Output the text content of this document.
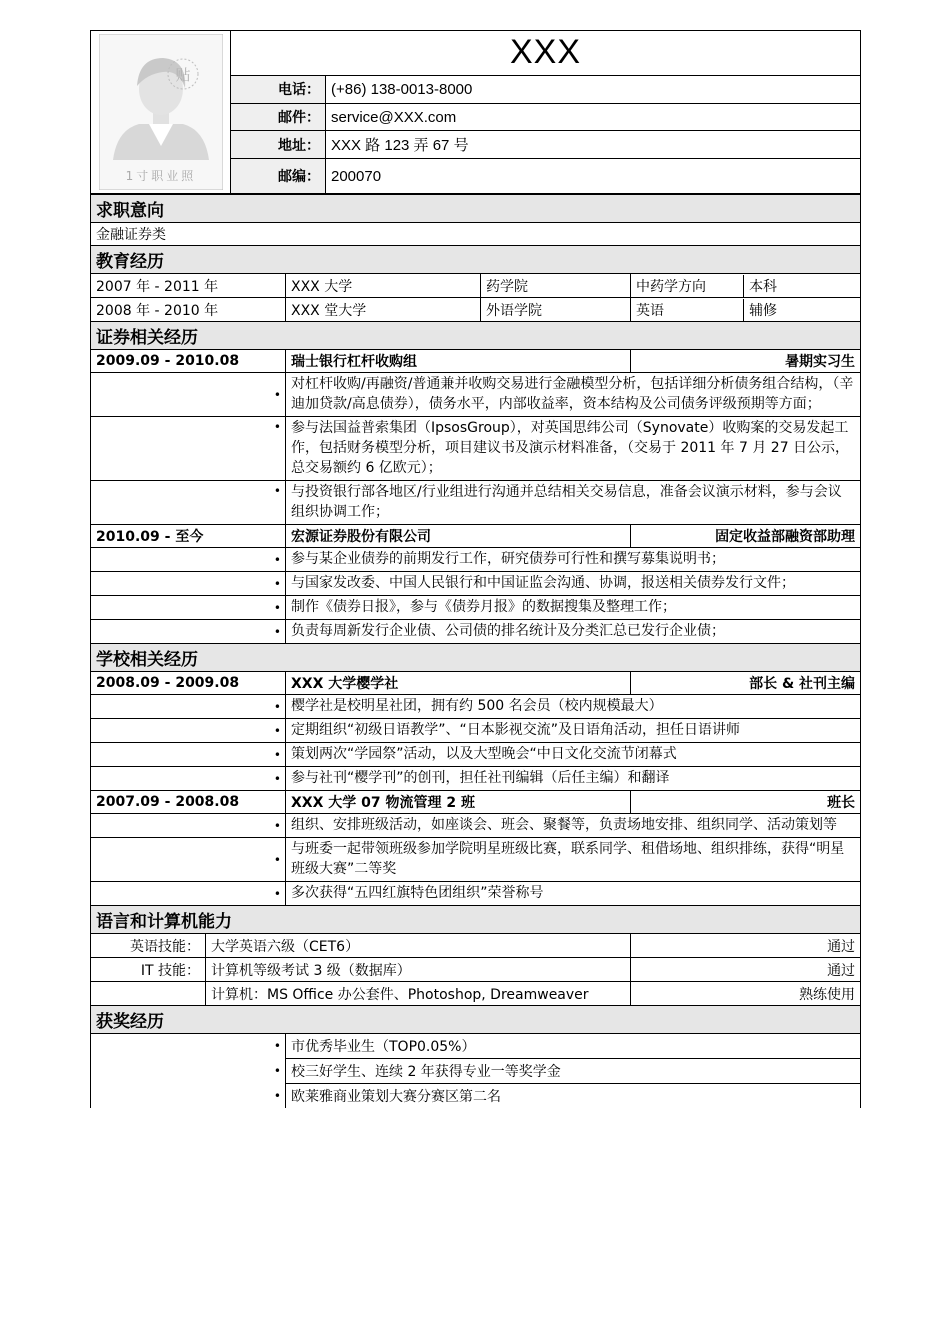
贴
1寸职业照	XXX	
	电话：	(+86) 138-0013-8000
	邮件：	service@XXX.com
	地址：	XXX 路 123 弄 67 号
	邮编：	200070
求职意向
金融证券类
教育经历
2007 年 - 2011 年	XXX 大学	药学院		中药学方向	本科

2008 年 - 2010 年	XXX 堂大学	外语学院		英语	辅修

证券相关经历
2009.09 - 2010.08	瑞士银行杠杆收购组	暑期实习生
•	对杠杆收购/再融资/普通兼并收购交易进行金融模型分析，包括详细分析债务组合结构，（辛迪加贷款/高息债券），债务水平，内部收益率，资本结构及公司债务评级预期等方面；
•	参与法国益普索集团（IpsosGroup），对英国思纬公司（Synovate）收购案的交易发起工作，包括财务模型分析，项目建议书及演示材料准备，（交易于 2011 年 7 月 27 日公示，总交易额约 6 亿欧元）；
•	与投资银行部各地区/行业组进行沟通并总结相关交易信息，准备会议演示材料，参与会议组织协调工作；
2010.09 - 至今	宏源证券股份有限公司	固定收益部融资部助理
•	参与某企业债券的前期发行工作，研究债券可行性和撰写募集说明书；
•	与国家发改委、中国人民银行和中国证监会沟通、协调，报送相关债券发行文件；
•	制作《债券日报》，参与《债券月报》的数据搜集及整理工作；
•	负责每周新发行企业债、公司债的排名统计及分类汇总已发行企业债；
学校相关经历
2008.09 - 2009.08	XXX 大学樱学社	部长 & 社刊主编
•	樱学社是校明星社团，拥有约 500 名会员（校内规模最大）
•	定期组织“初级日语教学”、“日本影视交流”及日语角活动，担任日语讲师
•	策划两次“学园祭”活动，以及大型晚会“中日文化交流节闭幕式
•	参与社刊“樱学刊”的创刊，担任社刊编辑（后任主编）和翻译
2007.09 - 2008.08	XXX 大学 07 物流管理 2 班	班长
•	组织、安排班级活动，如座谈会、班会、聚餐等，负责场地安排、组织同学、活动策划等
•	与班委一起带领班级参加学院明星班级比赛，联系同学、租借场地、组织排练，获得“明星班级大赛”二等奖
•	多次获得“五四红旗特色团组织”荣誉称号
语言和计算机能力
英语技能：	大学英语六级（CET6）	通过
IT 技能：	计算机等级考试 3 级（数据库）	通过
	计算机：MS Office 办公套件、Photoshop, Dreamweaver	熟练使用
获奖经历
•	市优秀毕业生（TOP0.05%）
•	校三好学生、连续 2 年获得专业一等奖学金
•	欧莱雅商业策划大赛分赛区第二名
